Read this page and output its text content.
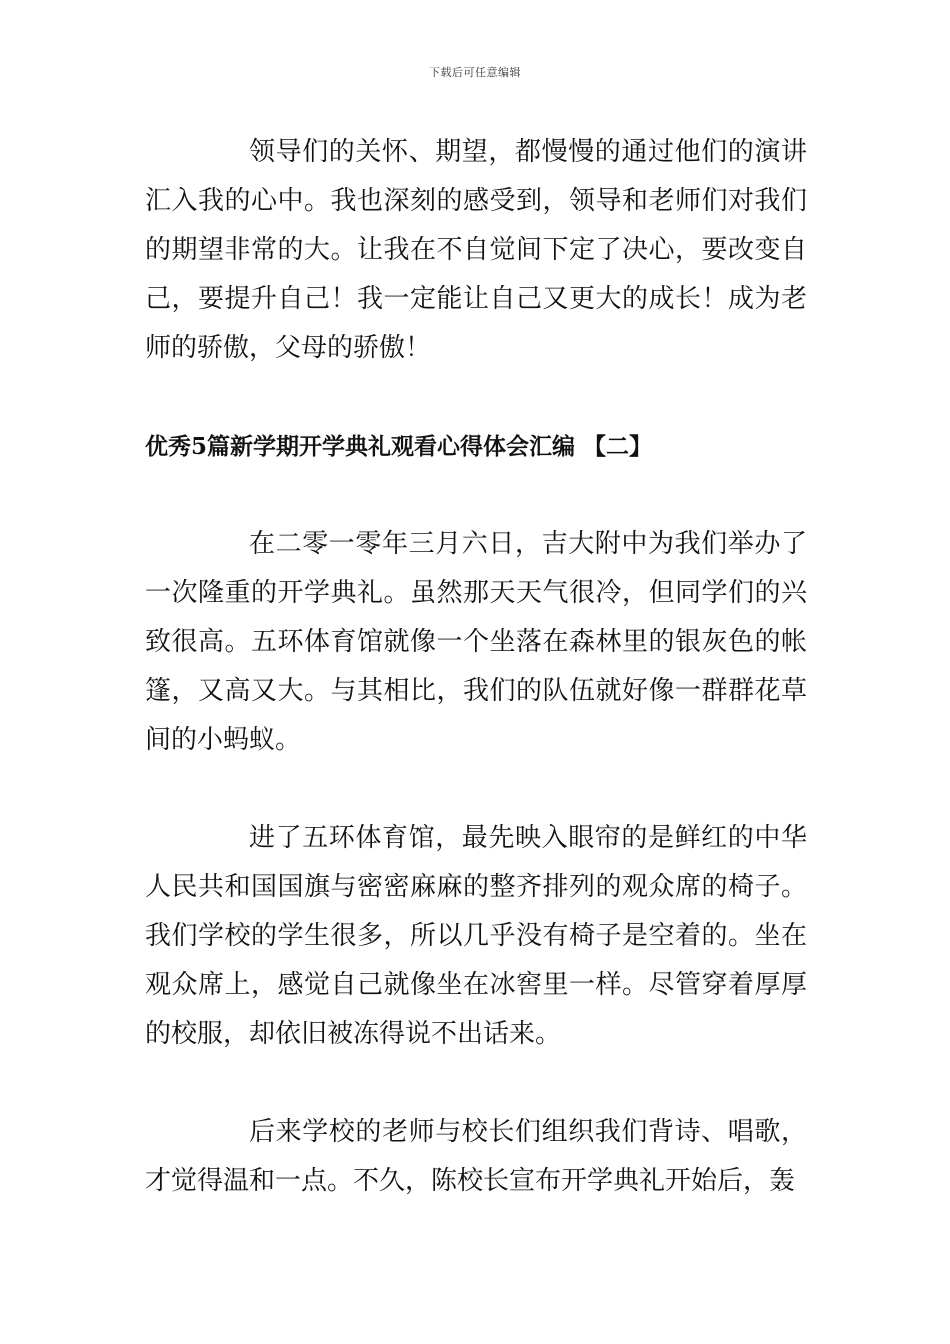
下载后可任意编辑

领导们的关怀、期望，都慢慢的通过他们的演讲汇入我的心中。我也深刻的感受到，领导和老师们对我们的期望非常的大。让我在不自觉间下定了决心，要改变自己，要提升自己！我一定能让自己又更大的成长！成为老师的骄傲，父母的骄傲！

优秀5篇新学期开学典礼观看心得体会汇编 【二】

在二零一零年三月六日，吉大附中为我们举办了一次隆重的开学典礼。虽然那天天气很冷，但同学们的兴致很高。五环体育馆就像一个坐落在森林里的银灰色的帐篷，又高又大。与其相比，我们的队伍就好像一群群花草间的小蚂蚁。

进了五环体育馆，最先映入眼帘的是鲜红的中华人民共和国国旗与密密麻麻的整齐排列的观众席的椅子。我们学校的学生很多，所以几乎没有椅子是空着的。坐在观众席上，感觉自己就像坐在冰窖里一样。尽管穿着厚厚的校服，却依旧被冻得说不出话来。

后来学校的老师与校长们组织我们背诗、唱歌，才觉得温和一点。不久，陈校长宣布开学典礼开始后，轰
